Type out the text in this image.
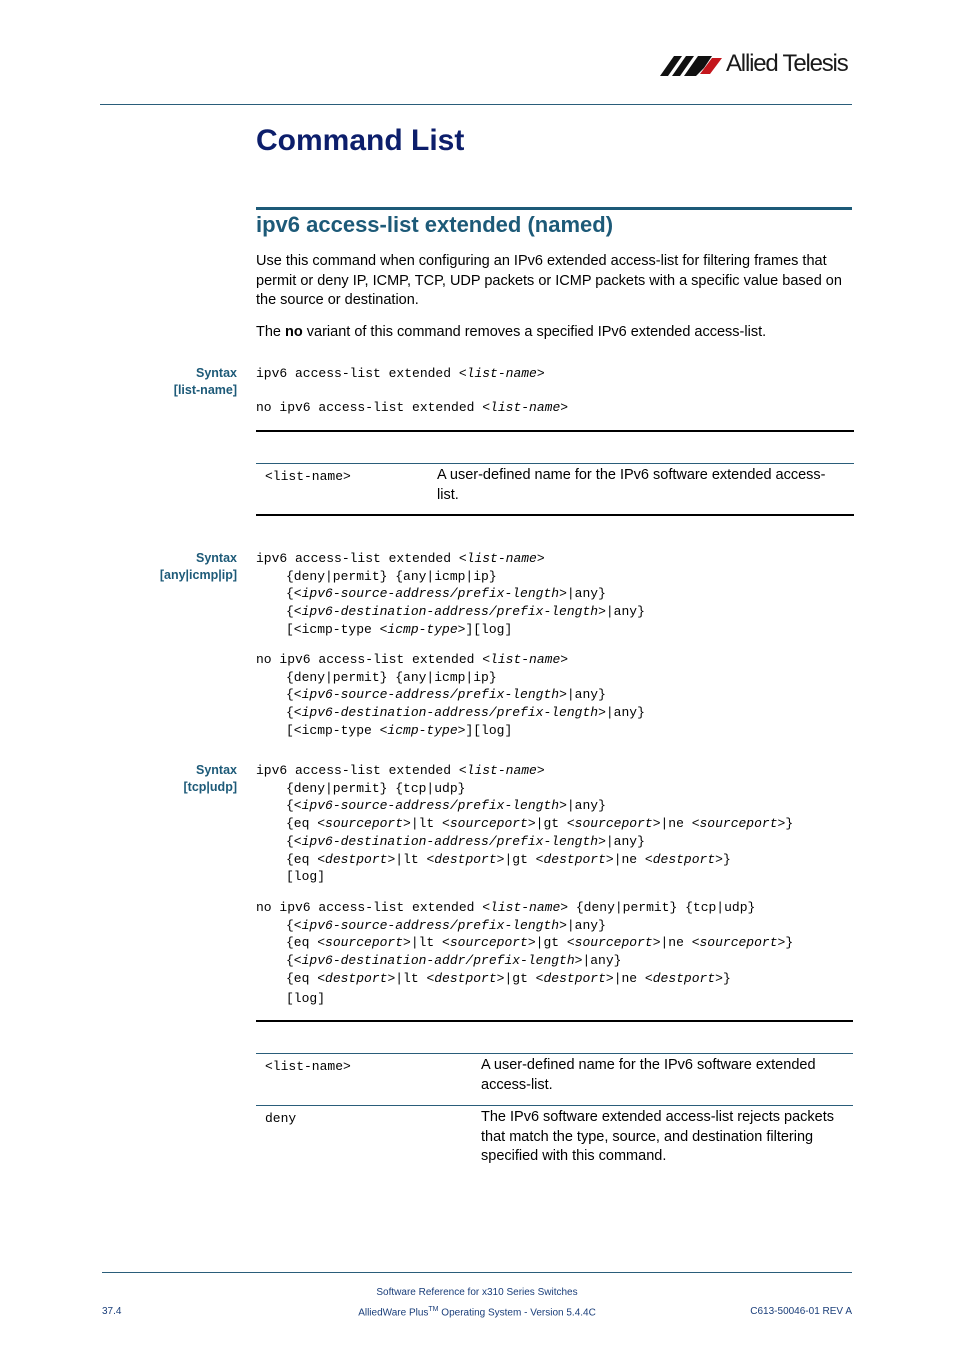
Allied Telesis
Command List
ipv6 access-list extended (named)
Use this command when configuring an IPv6 extended access-list for filtering frames that permit or deny IP, ICMP, TCP, UDP packets or ICMP packets with a specific value based on the source or destination.
The no variant of this command removes a specified IPv6 extended access-list.
Syntax
[list-name]
ipv6 access-list extended <list-name>
no ipv6 access-list extended <list-name>
<list-name>	A user-defined name for the IPv6 software extended access-list.
Syntax
[any|icmp|ip]
ipv6 access-list extended <list-name>
{deny|permit} {any|icmp|ip}
{<ipv6-source-address/prefix-length>|any}
{<ipv6-destination-address/prefix-length>|any}
[<icmp-type <icmp-type>][log]
no ipv6 access-list extended <list-name>
{deny|permit} {any|icmp|ip}
{<ipv6-source-address/prefix-length>|any}
{<ipv6-destination-address/prefix-length>|any}
[<icmp-type <icmp-type>][log]
Syntax
[tcp|udp]
ipv6 access-list extended <list-name>
{deny|permit} {tcp|udp}
{<ipv6-source-address/prefix-length>|any}
{eq <sourceport>|lt <sourceport>|gt <sourceport>|ne <sourceport>}
{<ipv6-destination-address/prefix-length>|any}
{eq <destport>|lt <destport>|gt <destport>|ne <destport>}
[log]
no ipv6 access-list extended <list-name> {deny|permit} {tcp|udp}
{<ipv6-source-address/prefix-length>|any}
{eq <sourceport>|lt <sourceport>|gt <sourceport>|ne <sourceport>}
{<ipv6-destination-addr/prefix-length>|any}
{eq <destport>|lt <destport>|gt <destport>|ne <destport>}
[log]
<list-name>	A user-defined name for the IPv6 software extended access-list.
deny	The IPv6 software extended access-list rejects packets that match the type, source, and destination filtering specified with this command.
Software Reference for x310 Series Switches
AlliedWare Plus™ Operating System - Version 5.4.4C
37.4	C613-50046-01 REV A
